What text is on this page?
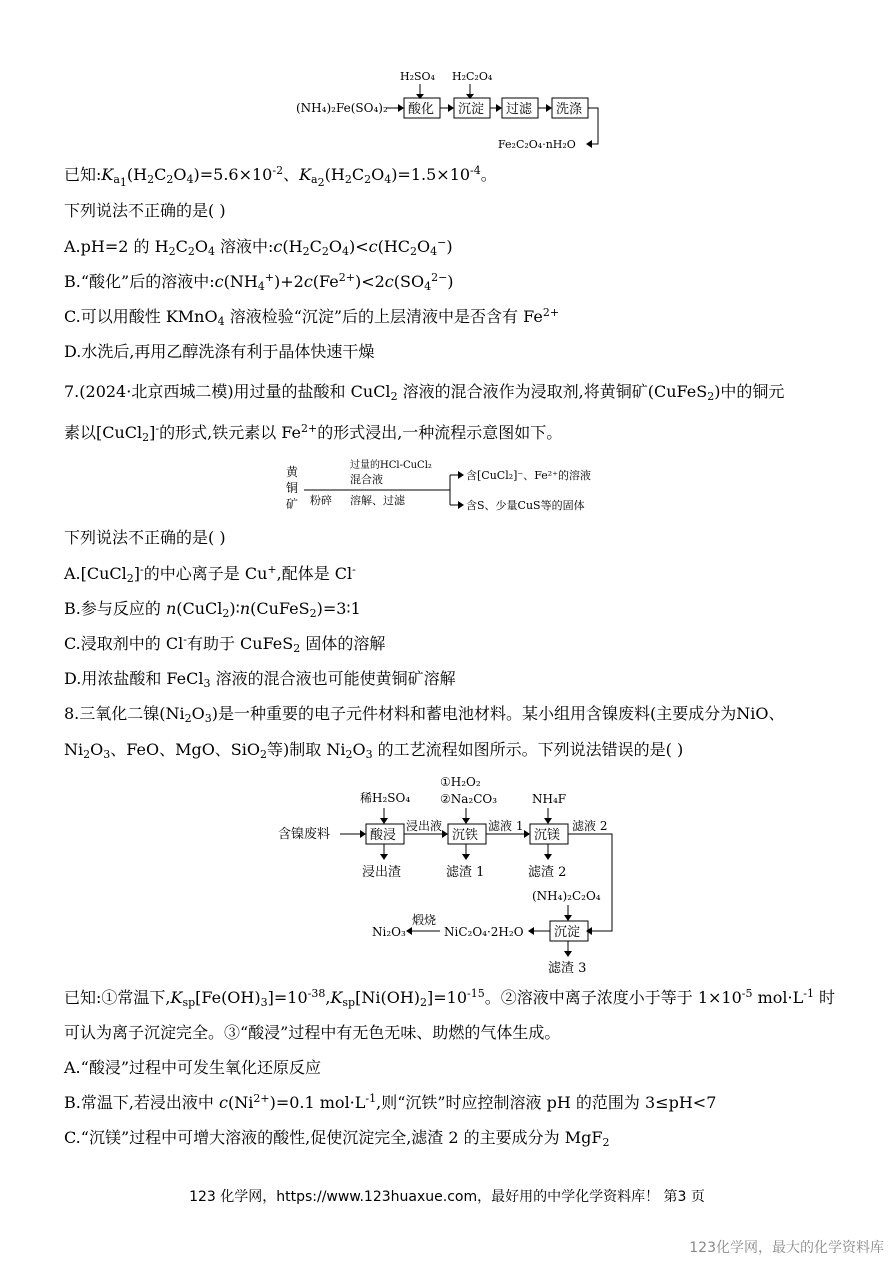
(NH₄)₂Fe(SO₄)₂
H₂SO₄ H₂C₂O₄
酸化 沉淀 过滤 洗涤
Fe₂C₂O₄·nH₂O
已知$:K_{a_1}(H_2C_2O_4)=5.6\times 10^{-2}$、$K_{a_2}(H_2C_2O_4)=1.5\times 10^{-4}$。
下列说法不正确的是( )
A.pH=2 的 $H_2C_2O_4$ 溶液中$:c(H_2C_2O_4)<c(HC_2O_4^-)$
B.“酸化”后的溶液中$:c(NH_4^+)+2c(Fe^{2+})<2c(SO_4^{2-})$
C.可以用酸性 KMnO$_4$ 溶液检验“沉淀”后的上层清液中是否含有 $Fe^{2+}$
D.水洗后,再用乙醇洗涤有利于晶体快速干燥
7.(2024·北京西城二模)用过量的盐酸和 CuCl$_2$ 溶液的混合液作为浸取剂,将黄铜矿(CuFeS$_2$)中的铜元
素以[CuCl$_2$]-的形式,铁元素以 $Fe^{2+}$的形式浸出,一种流程示意图如下。
黄
铜
矿 粉碎
过量的HCl-CuCl₂
混合液
溶解、过滤
含[CuCl₂]⁻、Fe²⁺的溶液
含S、少量CuS等的固体
下列说法不正确的是( )
A.[CuCl$_2$]-的中心离子是 Cu+,配体是 Cl-
B.参与反应的 n(CuCl$_2$)∶n(CuFeS$_2$)=3∶1
C.浸取剂中的 Cl-有助于 CuFeS$_2$ 固体的溶解
D.用浓盐酸和 FeCl$_3$ 溶液的混合液也可能使黄铜矿溶解
8.三氧化二镍$(Ni_2O_3)$是一种重要的电子元件材料和蓄电池材料。某小组用含镍废料(主要成分为NiO、
$Ni_2O_3$、FeO、MgO、SiO$_2$等)制取 $Ni_2O_3$ 的工艺流程如图所示。下列说法错误的是( )
含镍废料
稀H₂SO₄
酸浸
浸出渣
浸出液
①H₂O₂
②Na₂CO₃
沉铁
滤渣 1
滤液 1
NH₄F
沉镁
滤渣 2
滤液 2
(NH₄)₂C₂O₄
沉淀
滤渣 3
NiC₂O₄·2H₂O
煅烧
Ni₂O₃
已知:①常温下$,K_{sp}[Fe(OH)_3]=10^{-38},K_{sp}[Ni(OH)_2]=10^{-15}$。②溶液中离子浓度小于等于 $1\times 10^{-5}$ $mol\cdot L^{-1}$ 时
可认为离子沉淀完全。③“酸浸”过程中有无色无味、助燃的气体生成。
A.“酸浸”过程中可发生氧化还原反应
B.常温下,若浸出液中 $c(Ni^{2+})=0.1$ $mol\cdot L^{-1}$,则“沉铁”时应控制溶液 pH 的范围为 3≤pH<7
C.“沉镁”过程中可增大溶液的酸性,促使沉淀完全,滤渣 2 的主要成分为 MgF$_2$
123 化学网，https://www.123huaxue.com，最好用的中学化学资料库！ 第3 页
123化学网，最大的化学资料库
